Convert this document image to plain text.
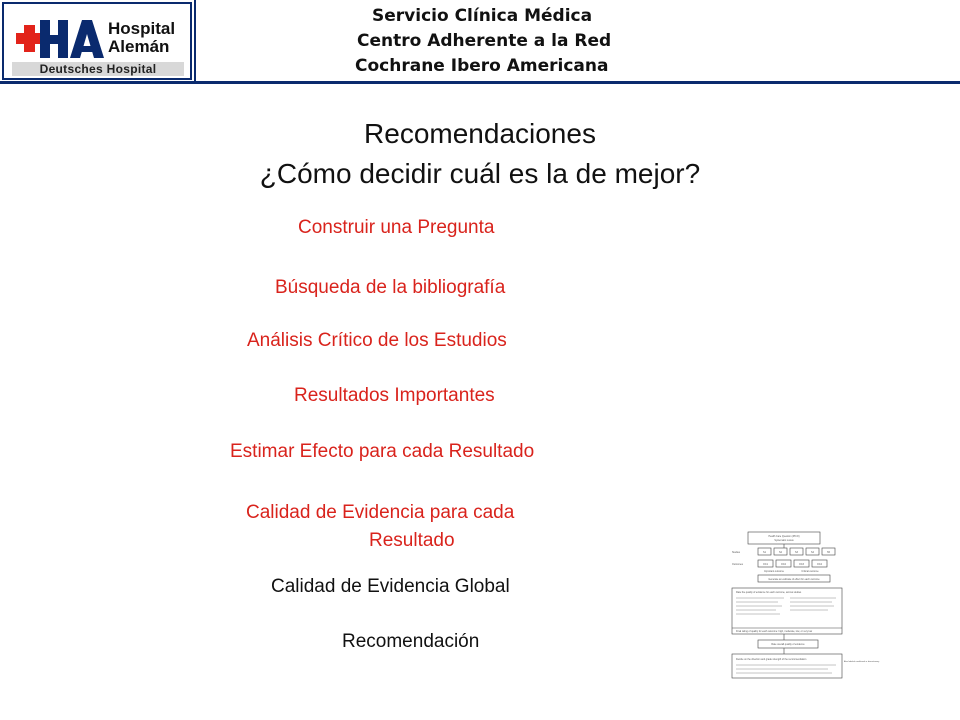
Hospital
Alemán
Deutsches Hospital
Servicio Clínica Médica
Centro Adherente a la Red
Cochrane Ibero Americana
Recomendaciones
¿Cómo decidir cuál es la de mejor?
Construir una Pregunta
Búsqueda de la bibliografía
Análisis Crítico de los Estudios
Resultados Importantes
Estimar Efecto para cada Resultado
Calidad de Evidencia para cada
Resultado
Calidad de Evidencia Global
Recomendación
Health Care Question (PICO)
Systematic review
Studies	S1	S2	S3	S4	S5
Outcomes	OC1	OC2	OC3	OC4
Important outcome	Critical outcome
Generate an estimate of effect for each outcome
Rate the quality of evidence for each outcome, across studies
Final rating of quality for each outcome: high, moderate, low, or very low
Rate overall quality of evidence
Decide on the direction and grade strength of the recommendation
Also labeled conditional or discretionary
